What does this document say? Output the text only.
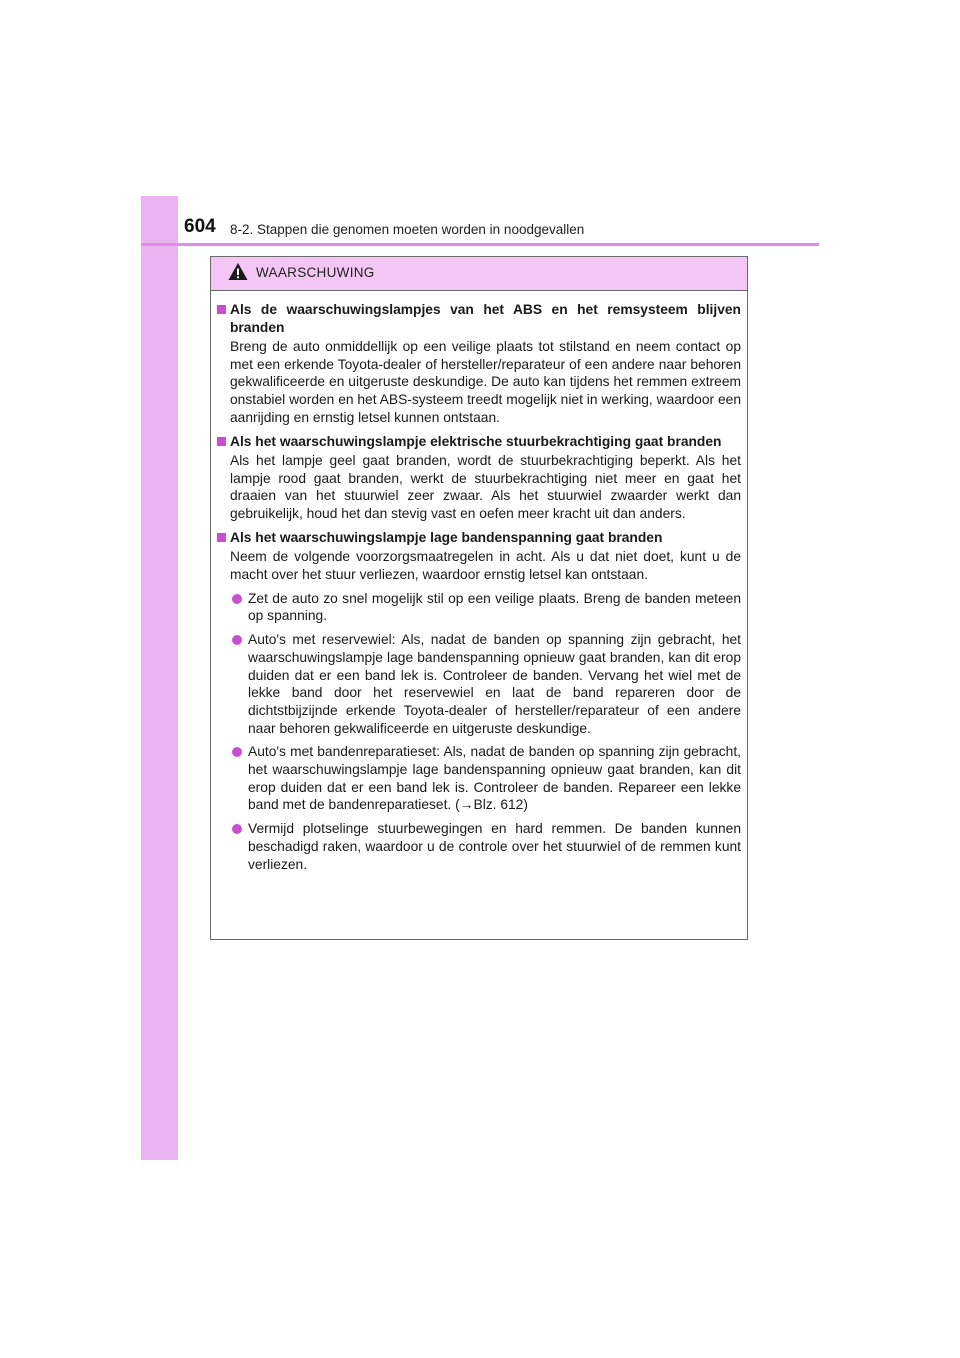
604 8-2. Stappen die genomen moeten worden in noodgevallen
WAARSCHUWING
Als de waarschuwingslampjes van het ABS en het remsysteem blijven branden
Breng de auto onmiddellijk op een veilige plaats tot stilstand en neem contact op met een erkende Toyota-dealer of hersteller/reparateur of een andere naar behoren gekwalificeerde en uitgeruste deskundige. De auto kan tijdens het remmen extreem onstabiel worden en het ABS-systeem treedt mogelijk niet in werking, waardoor een aanrijding en ernstig letsel kunnen ontstaan.
Als het waarschuwingslampje elektrische stuurbekrachtiging gaat branden
Als het lampje geel gaat branden, wordt de stuurbekrachtiging beperkt. Als het lampje rood gaat branden, werkt de stuurbekrachtiging niet meer en gaat het draaien van het stuurwiel zeer zwaar. Als het stuurwiel zwaarder werkt dan gebruikelijk, houd het dan stevig vast en oefen meer kracht uit dan anders.
Als het waarschuwingslampje lage bandenspanning gaat branden
Neem de volgende voorzorgsmaatregelen in acht. Als u dat niet doet, kunt u de macht over het stuur verliezen, waardoor ernstig letsel kan ontstaan.
Zet de auto zo snel mogelijk stil op een veilige plaats. Breng de banden meteen op spanning.
Auto's met reservewiel: Als, nadat de banden op spanning zijn gebracht, het waarschuwingslampje lage bandenspanning opnieuw gaat branden, kan dit erop duiden dat er een band lek is. Controleer de banden. Vervang het wiel met de lekke band door het reservewiel en laat de band repareren door de dichtstbijzijnde erkende Toyota-dealer of hersteller/reparateur of een andere naar behoren gekwalificeerde en uitgeruste deskundige.
Auto's met bandenreparatieset: Als, nadat de banden op spanning zijn gebracht, het waarschuwingslampje lage bandenspanning opnieuw gaat branden, kan dit erop duiden dat er een band lek is. Controleer de banden. Repareer een lekke band met de bandenreparatieset. (→Blz. 612)
Vermijd plotselinge stuurbewegingen en hard remmen. De banden kunnen beschadigd raken, waardoor u de controle over het stuurwiel of de remmen kunt verliezen.
